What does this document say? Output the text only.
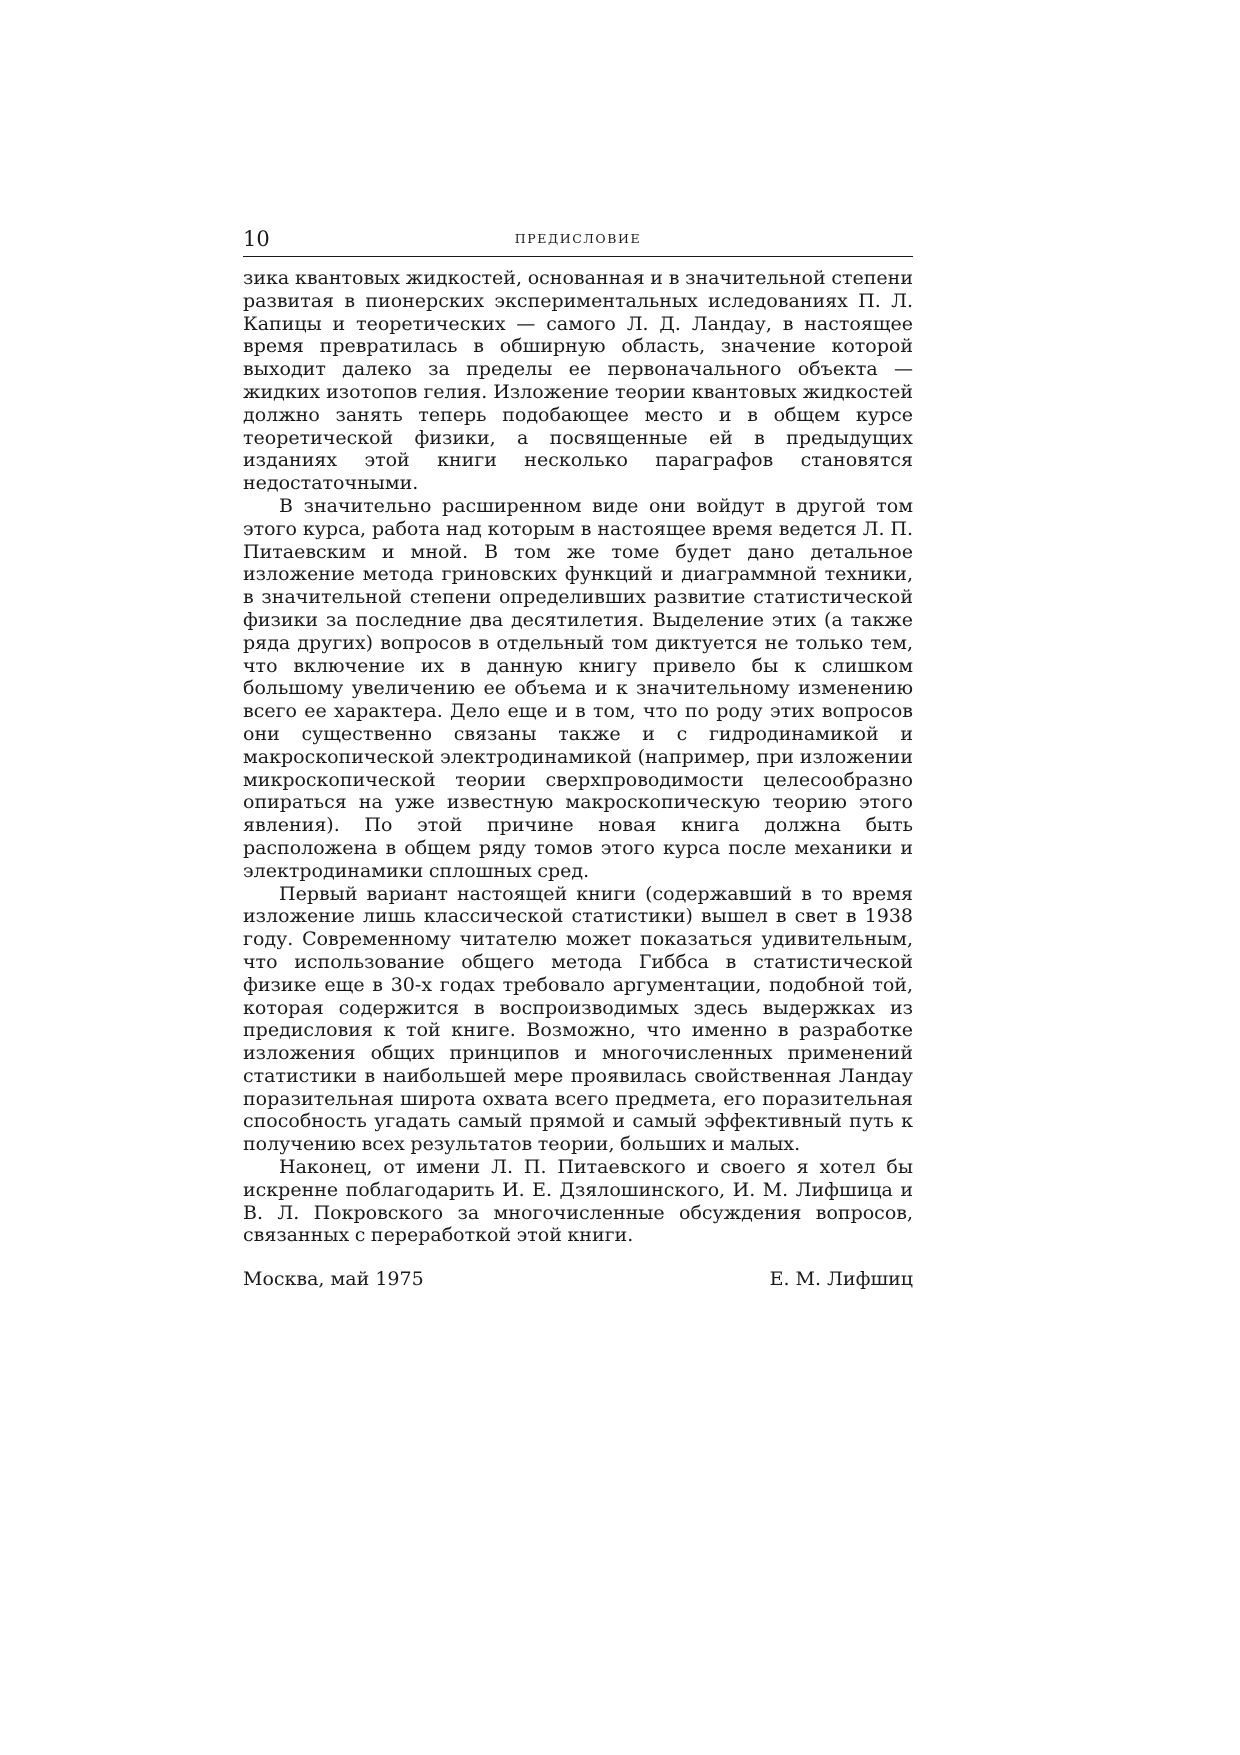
10	ПРЕДИСЛОВИЕ

зика квантовых жидкостей, основанная и в значительной степени развитая в пионерских экспериментальных иследованиях П. Л. Капицы и теоретических — самого Л. Д. Ландау, в настоящее время превратилась в обширную область, значение которой выходит далеко за пределы ее первоначального объекта — жидких изотопов гелия. Изложение теории квантовых жидкостей должно занять теперь подобающее место и в общем курсе теоретической физики, а посвященные ей в предыдущих изданиях этой книги несколько параграфов становятся недостаточными.

В значительно расширенном виде они войдут в другой том этого курса, работа над которым в настоящее время ведется Л. П. Питаевским и мной. В том же томе будет дано детальное изложение метода гриновских функций и диаграммной техники, в значительной степени определивших развитие статистической физики за последние два десятилетия. Выделение этих (а также ряда других) вопросов в отдельный том диктуется не только тем, что включение их в данную книгу привело бы к слишком большому увеличению ее объема и к значительному изменению всего ее характера. Дело еще и в том, что по роду этих вопросов они существенно связаны также и с гидродинамикой и макроскопической электродинамикой (например, при изложении микроскопической теории сверхпроводимости целесообразно опираться на уже известную макроскопическую теорию этого явления). По этой причине новая книга должна быть расположена в общем ряду томов этого курса после механики и электродинамики сплошных сред.

Первый вариант настоящей книги (содержавший в то время изложение лишь классической статистики) вышел в свет в 1938 году. Современному читателю может показаться удивительным, что использование общего метода Гиббса в статистической физике еще в 30-х годах требовало аргументации, подобной той, которая содержится в воспроизводимых здесь выдержках из предисловия к той книге. Возможно, что именно в разработке изложения общих принципов и многочисленных применений статистики в наибольшей мере проявилась свойственная Ландау поразительная широта охвата всего предмета, его поразительная способность угадать самый прямой и самый эффективный путь к получению всех результатов теории, больших и малых.

Наконец, от имени Л. П. Питаевского и своего я хотел бы искренне поблагодарить И. Е. Дзялошинского, И. М. Лифшица и В. Л. Покровского за многочисленные обсуждения вопросов, связанных с переработкой этой книги.

Москва, май 1975	Е. М. Лифшиц
